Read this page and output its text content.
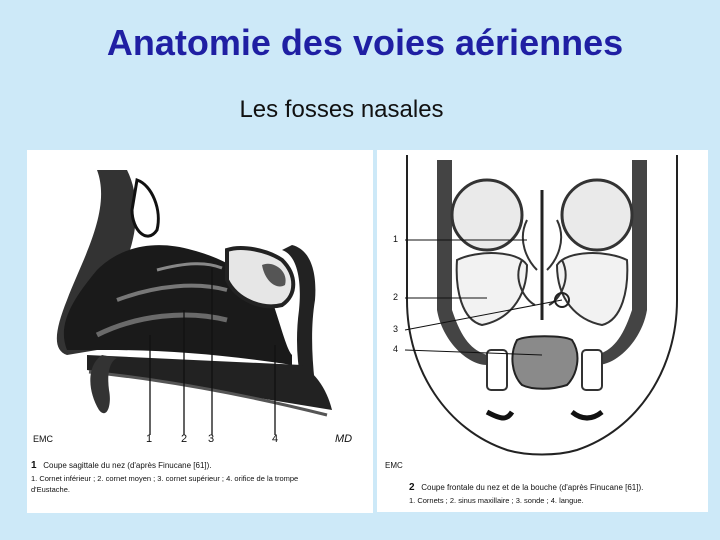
Anatomie des voies aériennes
Les fosses nasales
1	2 3	4
EMC	MD
1 Coupe sagittale du nez (d'après Finucane [61]).
1. Cornet inférieur ; 2. cornet moyen ; 3. cornet supérieur ; 4. orifice de la trompe
d'Eustache.
1
2
3
4
EMC
2 Coupe frontale du nez et de la bouche (d'après Finucane [61]).
1. Cornets ; 2. sinus maxillaire ; 3. sonde ; 4. langue.
